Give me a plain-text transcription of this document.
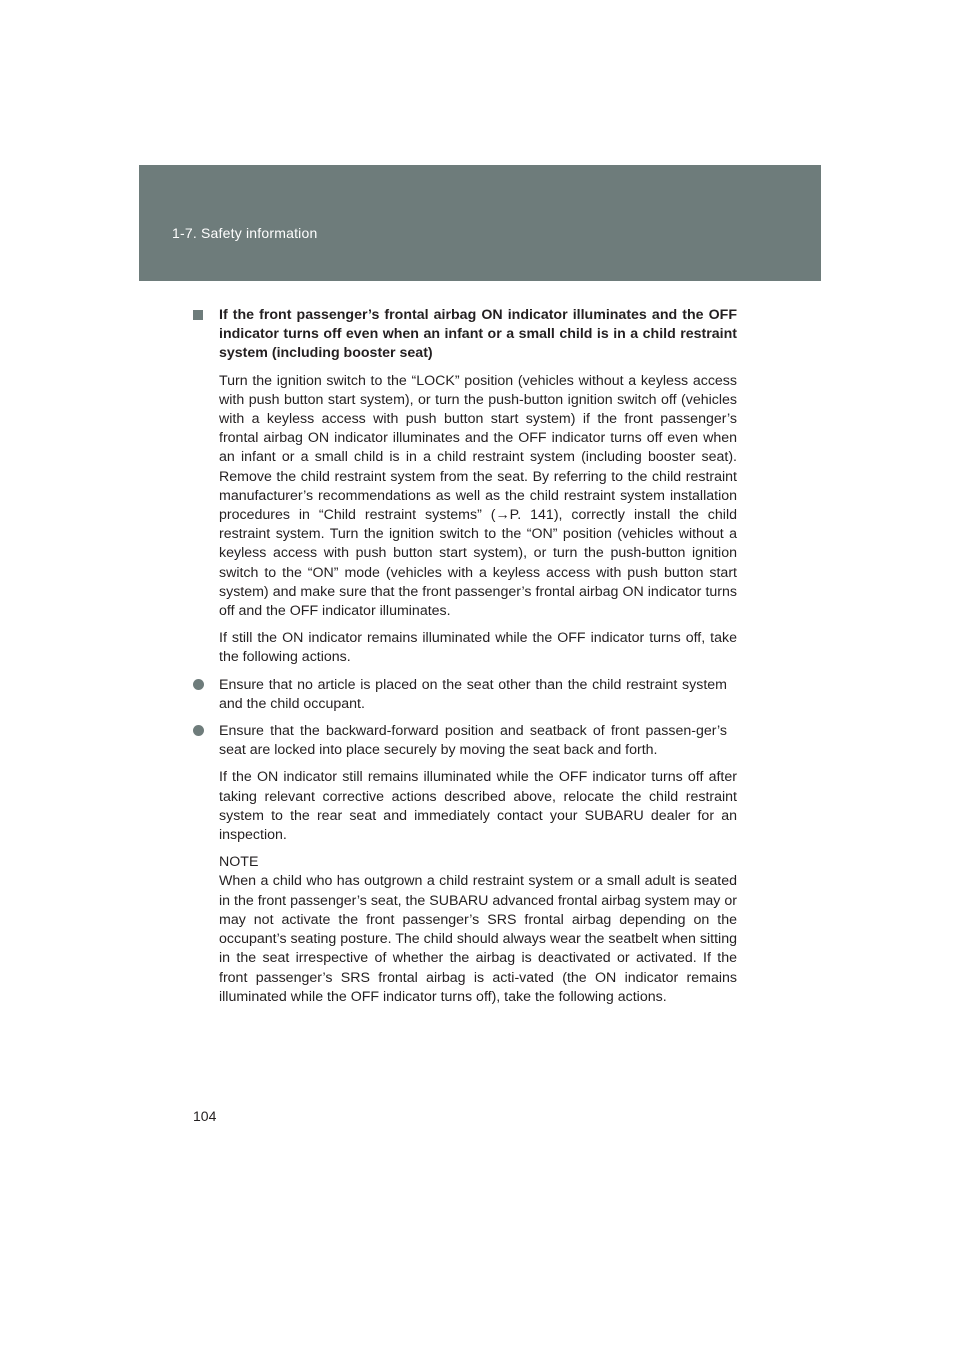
1-7. Safety information
If the front passenger’s frontal airbag ON indicator illuminates and the OFF indicator turns off even when an infant or a small child is in a child restraint system (including booster seat)

Turn the ignition switch to the “LOCK” position (vehicles without a keyless access with push button start system), or turn the push-button ignition switch off (vehicles with a keyless access with push button start system) if the front passenger’s frontal airbag ON indicator illuminates and the OFF indicator turns off even when an infant or a small child is in a child restraint system (including booster seat). Remove the child restraint system from the seat. By referring to the child restraint manufacturer’s recommendations as well as the child restraint system installation procedures in “Child restraint systems” (→P. 141), correctly install the child restraint system. Turn the ignition switch to the “ON” position (vehicles without a keyless access with push button start system), or turn the push-button ignition switch to the “ON” mode (vehicles with a keyless access with push button start system) and make sure that the front passenger’s frontal airbag ON indicator turns off and the OFF indicator illuminates.

If still the ON indicator remains illuminated while the OFF indicator turns off, take the following actions.

Ensure that no article is placed on the seat other than the child restraint system and the child occupant.
Ensure that the backward-forward position and seatback of front passen-ger’s seat are locked into place securely by moving the seat back and forth.

If the ON indicator still remains illuminated while the OFF indicator turns off after taking relevant corrective actions described above, relocate the child restraint system to the rear seat and immediately contact your SUBARU dealer for an inspection.

NOTE
When a child who has outgrown a child restraint system or a small adult is seated in the front passenger’s seat, the SUBARU advanced frontal airbag system may or may not activate the front passenger’s SRS frontal airbag depending on the occupant’s seating posture. The child should always wear the seatbelt when sitting in the seat irrespective of whether the airbag is deactivated or activated. If the front passenger’s SRS frontal airbag is acti-vated (the ON indicator remains illuminated while the OFF indicator turns off), take the following actions.
104
